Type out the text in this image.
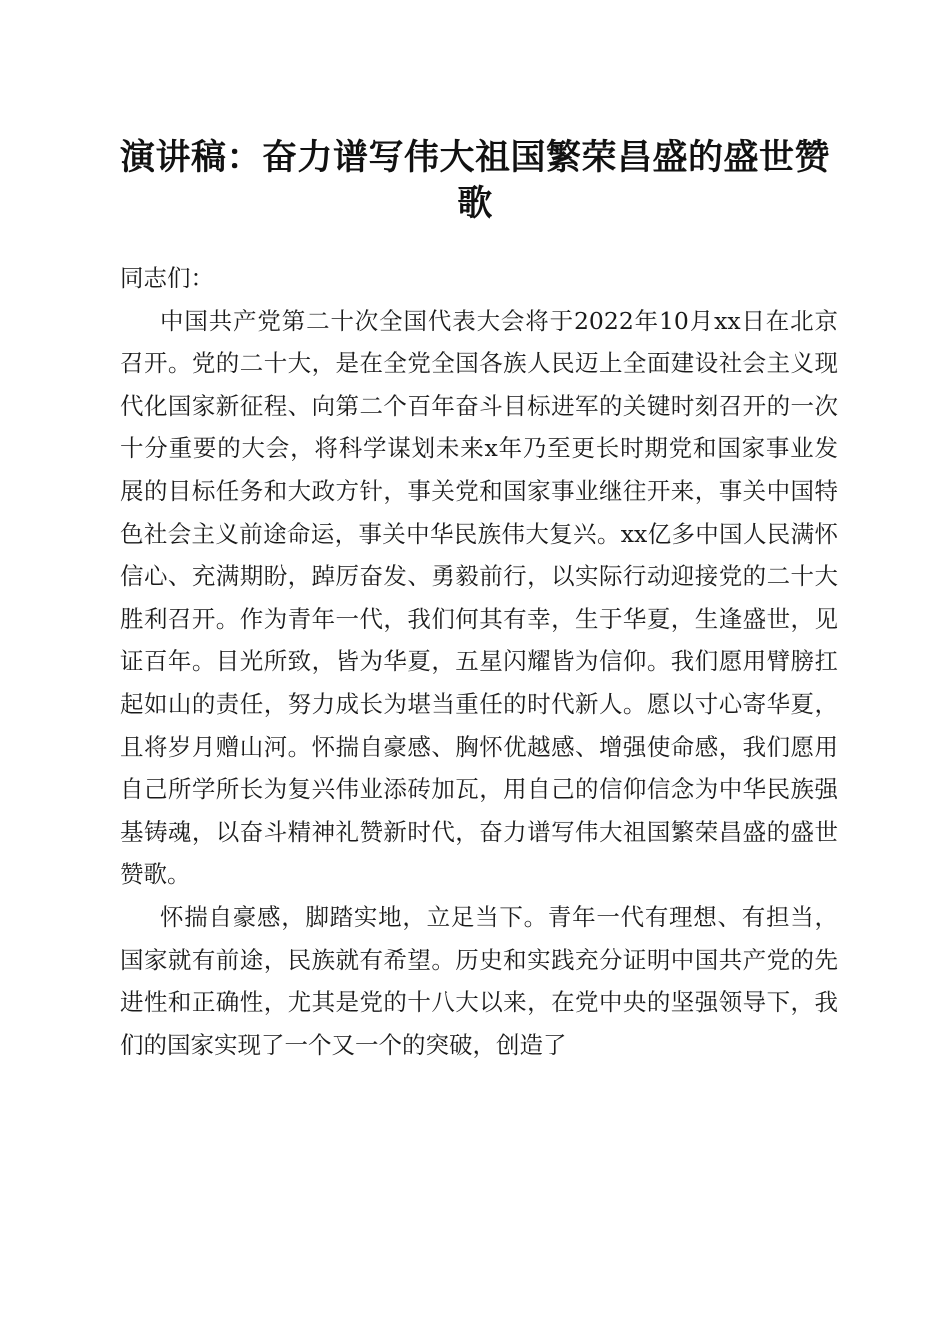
演讲稿：奋力谱写伟大祖国繁荣昌盛的盛世赞歌

同志们：

中国共产党第二十次全国代表大会将于2022年10月xx日在北京召开。党的二十大，是在全党全国各族人民迈上全面建设社会主义现代化国家新征程、向第二个百年奋斗目标进军的关键时刻召开的一次十分重要的大会，将科学谋划未来x年乃至更长时期党和国家事业发展的目标任务和大政方针，事关党和国家事业继往开来，事关中国特色社会主义前途命运，事关中华民族伟大复兴。xx亿多中国人民满怀信心、充满期盼，踔厉奋发、勇毅前行，以实际行动迎接党的二十大胜利召开。作为青年一代，我们何其有幸，生于华夏，生逢盛世，见证百年。目光所致，皆为华夏，五星闪耀皆为信仰。我们愿用臂膀扛起如山的责任，努力成长为堪当重任的时代新人。愿以寸心寄华夏，且将岁月赠山河。怀揣自豪感、胸怀优越感、增强使命感，我们愿用自己所学所长为复兴伟业添砖加瓦，用自己的信仰信念为中华民族强基铸魂，以奋斗精神礼赞新时代，奋力谱写伟大祖国繁荣昌盛的盛世赞歌。

怀揣自豪感，脚踏实地，立足当下。青年一代有理想、有担当，国家就有前途，民族就有希望。历史和实践充分证明中国共产党的先进性和正确性，尤其是党的十八大以来，在党中央的坚强领导下，我们的国家实现了一个又一个的突破，创造了
